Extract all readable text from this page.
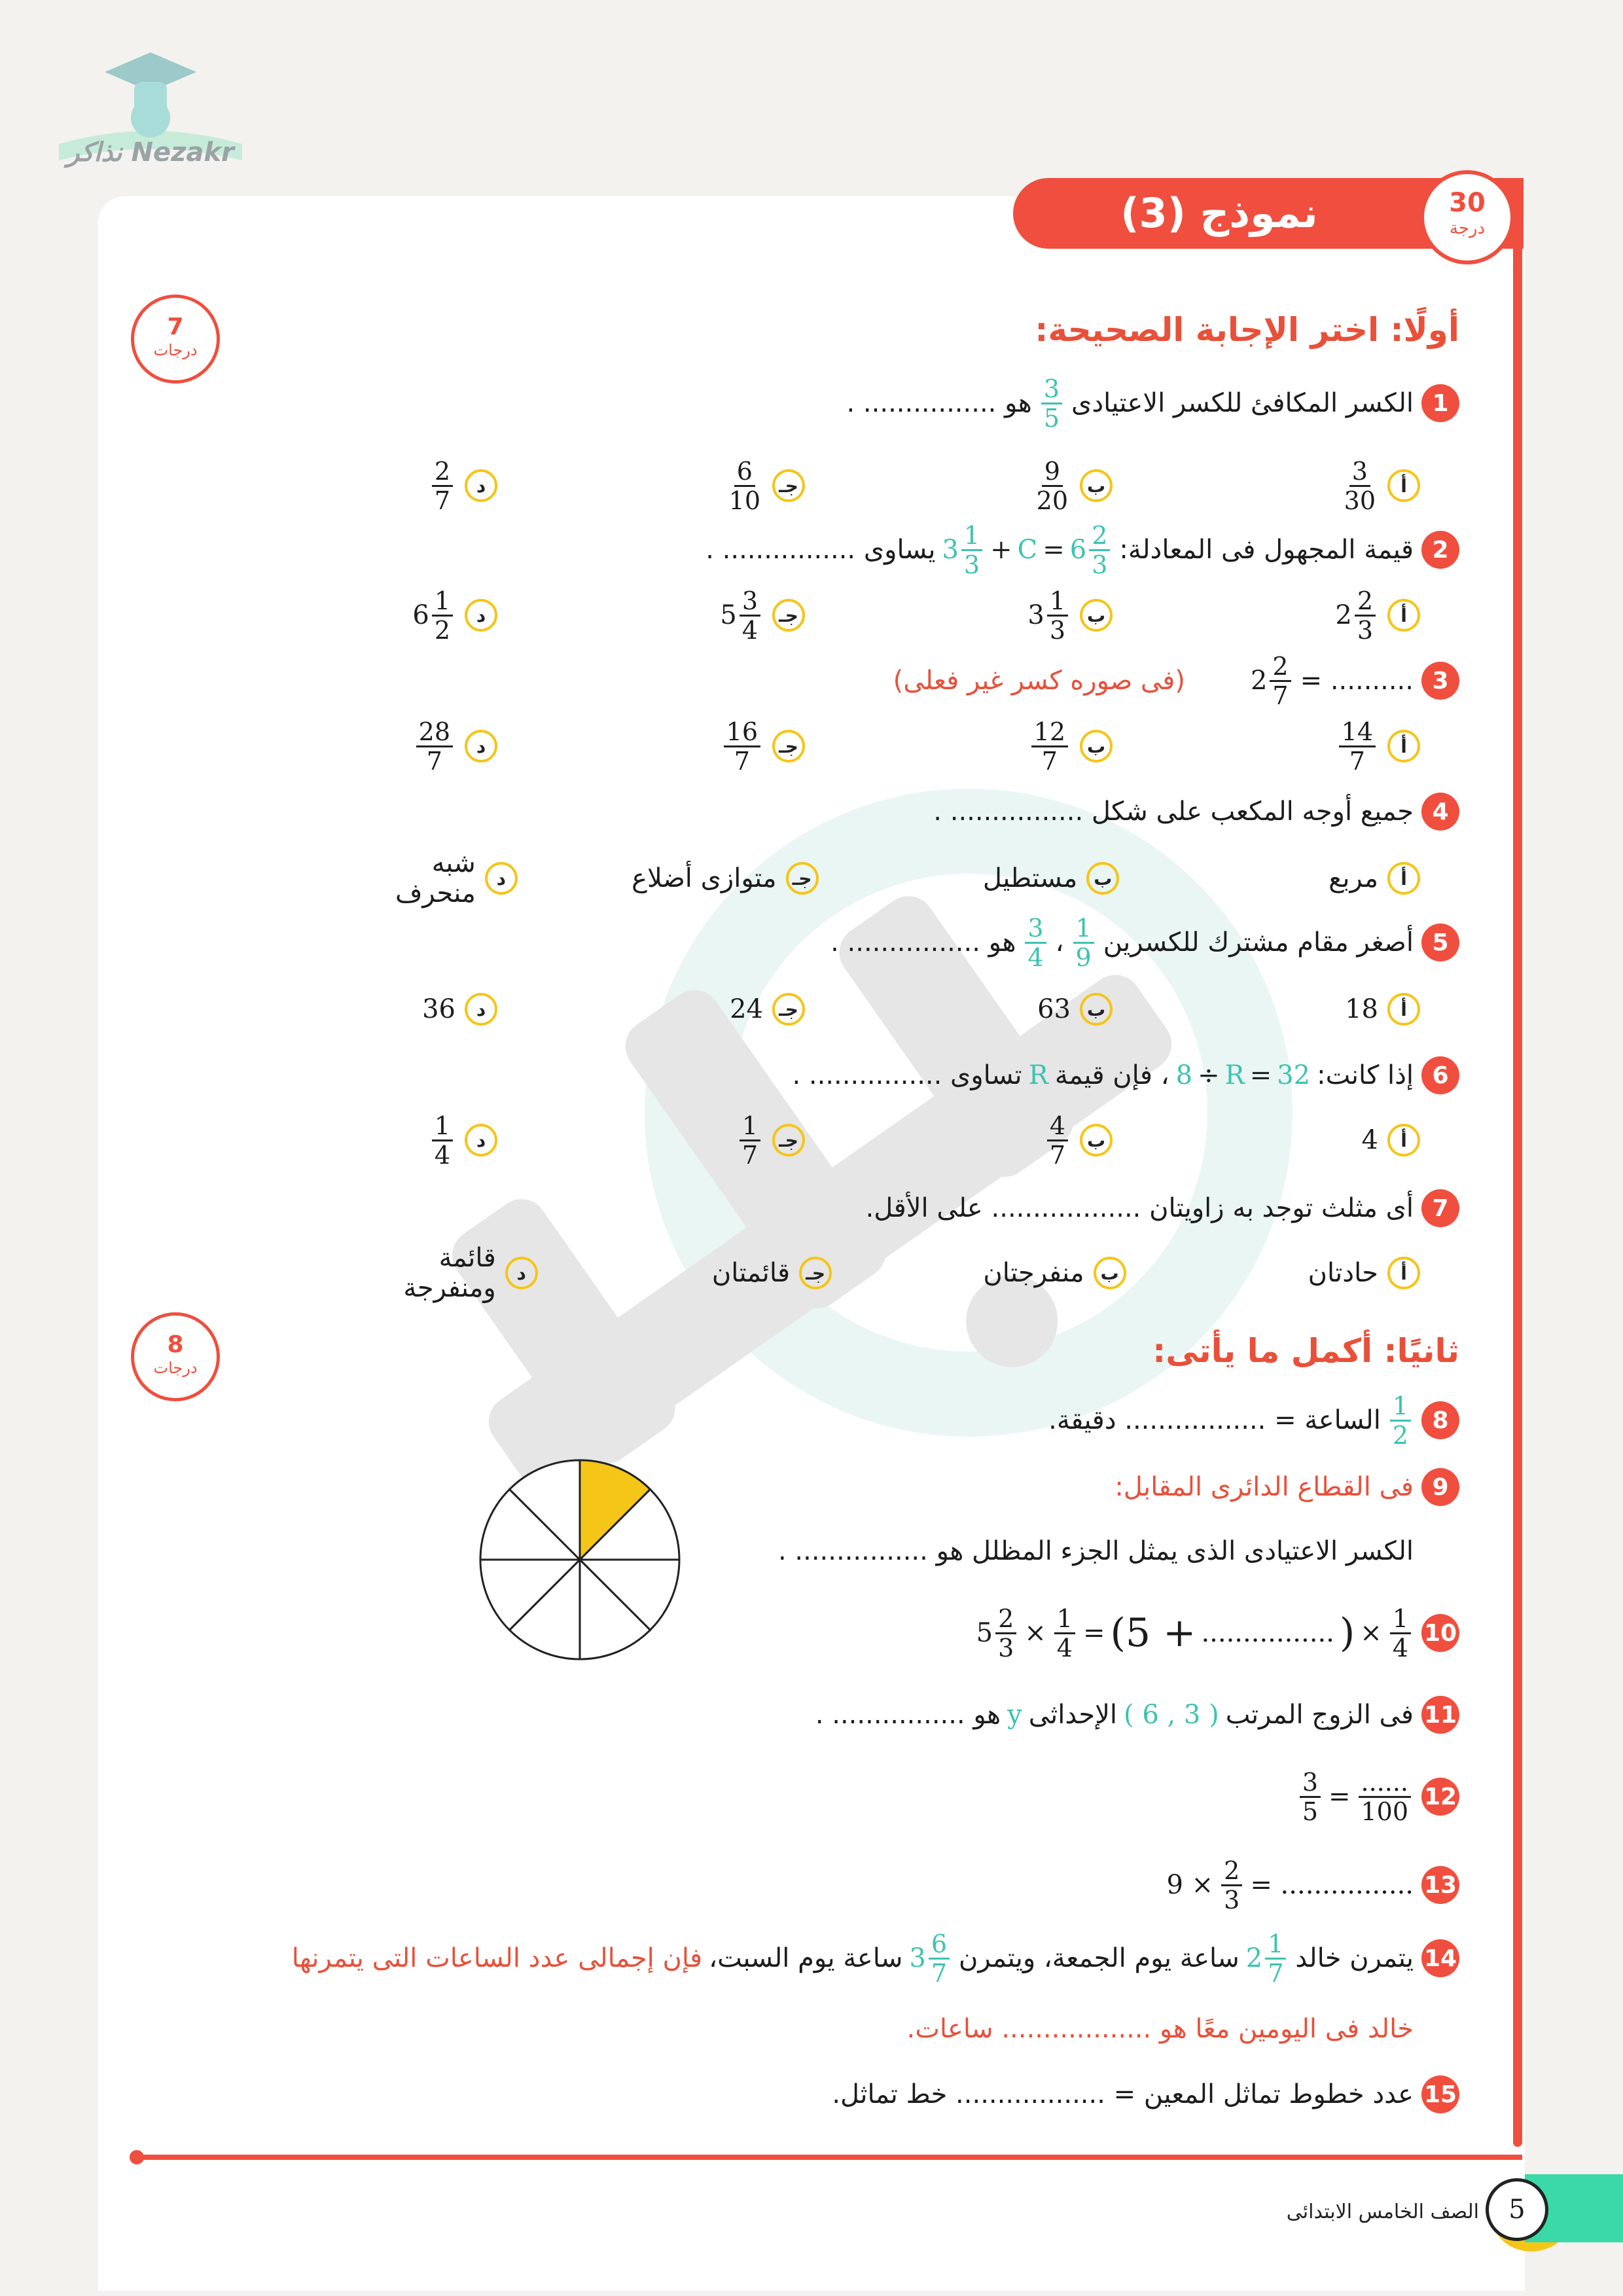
Nezakr نذاكر
نموذج (3)	30
درجة
7
درجات
أولًا: اختر الإجابة الصحيحة:
1
الكسر المكافئ للكسر الاعتيادى
$\frac{3}{5}$
هو ................ .
أ
$\frac{3}{30}$
ب
$\frac{9}{20}$
جـ
$\frac{6}{10}$
د
$\frac{2}{7}$
2
قيمة المجهول فى المعادلة:
$3 \frac{1}{3} + C = 6 \frac{2}{3}$
يساوى ................ .
أ
$2 \frac{2}{3}$
ب
$3 \frac{1}{3}$
جـ
$5 \frac{3}{4}$
د
$6 \frac{1}{2}$
3
.......... =
$2 \frac{2}{7}$
(فى صوره كسر غير فعلى)
أ
$\frac{14}{7}$
ب
$\frac{12}{7}$
جـ
$\frac{16}{7}$
د
$\frac{28}{7}$
4
جميع أوجه المكعب على شكل ................ .
أ
مربع
ب
مستطيل
جـ
متوازى أضلاع
د
شبه منحرف
5
أصغر مقام مشترك للكسرين
$\frac{1}{9}$
،
$\frac{3}{4}$
هو ................ .
أ
18
ب
63
جـ
24
د
36
6
إذا كانت:
8 ÷ R = 32
، فإن قيمة
R
تساوى ................ .
أ
4
ب
$\frac{4}{7}$
جـ
$\frac{1}{7}$
د
$\frac{1}{4}$
7
أى مثلث توجد به زاويتان .................. على الأقل.
أ
حادتان
ب
منفرجتان
جـ
قائمتان
د
قائمة ومنفرجة
8
درجات	ثانيًا: أكمل ما يأتى:
8
$\frac{1}{2}$
الساعة = ................. دقيقة.
9
فى القطاع الدائرى المقابل:
الكسر الاعتيادى الذى يمثل الجزء المظلل هو ................ .
10
$5 \frac{2}{3} \times \frac{1}{4} = (5$ + ................ ) × $\frac{1}{4}$
11
فى الزوج المرتب
( 6 , 3 )
الإحداثى
y
هو ................ .
12
$\frac{3}{5} = \frac{......}{100}$
13
$9 \times \frac{2}{3}$ = ................
14
يتمرن خالد
$2 \frac{1}{7}$
ساعة يوم الجمعة، ويتمرن
$3 \frac{6}{7}$
ساعة يوم السبت،
فإن إجمالى عدد الساعات التى يتمرنها
خالد فى اليومين معًا هو .................. ساعات.
15
عدد خطوط تماثل المعين = .................. خط تماثل.
5
الصف الخامس الابتدائى
